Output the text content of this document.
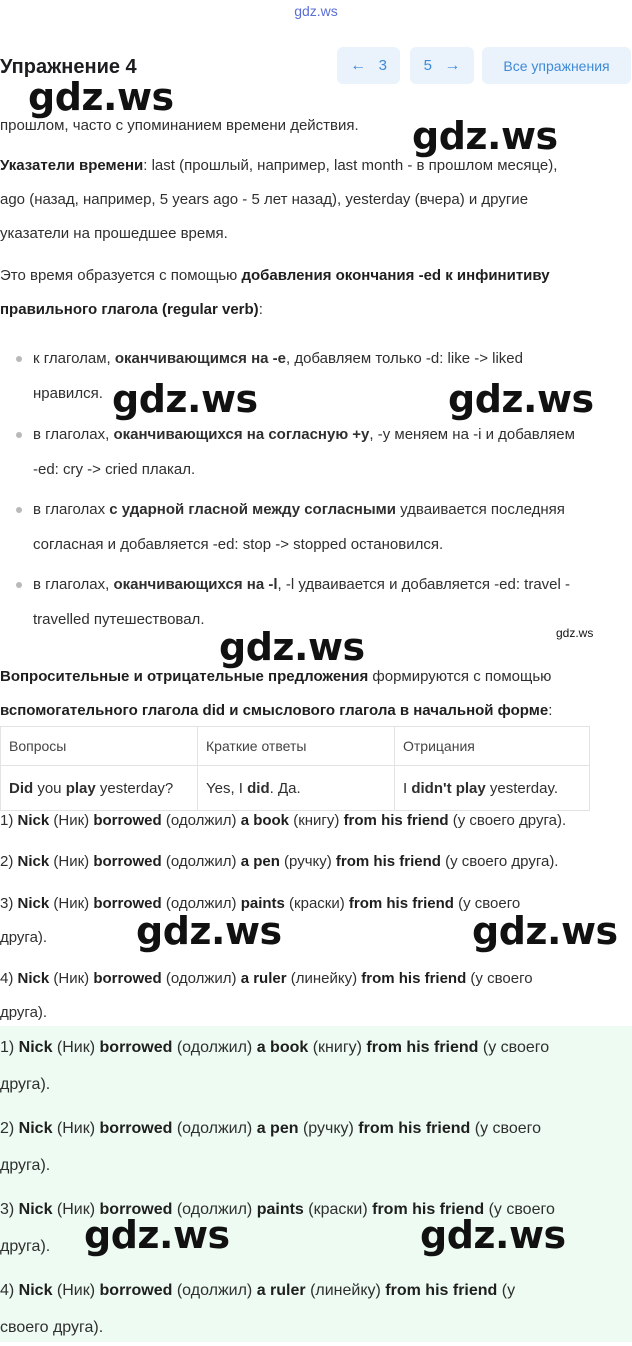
gdz.ws
Упражнение 4	←
3 5
→	Все упражнения
прошлом, часто с упоминанием времени действия.
Указатели времени: last (прошлый, например, last month - в прошлом месяце),
ago (назад, например, 5 years ago - 5 лет назад), yesterday (вчера) и другие
указатели на прошедшее время.
Это время образуется с помощью добавления окончания -ed к инфинитиву
правильного глагола (regular verb):
к глаголам, оканчивающимся на -e, добавляем только -d: like -> liked
нравился.
в глаголах, оканчивающихся на согласную +y, -y меняем на -i и добавляем
-ed: cry -> cried плакал.
в глаголах с ударной гласной между согласными удваивается последняя
согласная и добавляется -ed: stop -> stopped остановился.
в глаголах, оканчивающихся на -l, -l удваивается и добавляется -ed: travel -
travelled путешествовал.
Вопросительные и отрицательные предложения формируются с помощью
вспомогательного глагола did и смыслового глагола в начальной форме:
Вопросы	Краткие ответы	Отрицания
Did you play yesterday?	Yes, I did. Да.	I didn't play yesterday.
1) Nick (Ник) borrowed (одолжил) a book (книгу) from his friend (у своего друга).
2) Nick (Ник) borrowed (одолжил) a pen (ручку) from his friend (у своего друга).
3) Nick (Ник) borrowed (одолжил) paints (краски) from his friend (у своего
друга).
4) Nick (Ник) borrowed (одолжил) a ruler (линейку) from his friend (у своего
друга).
1) Nick (Ник) borrowed (одолжил) a book (книгу) from his friend (у своего
друга).
2) Nick (Ник) borrowed (одолжил) a pen (ручку) from his friend (у своего
друга).
3) Nick (Ник) borrowed (одолжил) paints (краски) from his friend (у своего
друга).
4) Nick (Ник) borrowed (одолжил) a ruler (линейку) from his friend (у
своего друга).
gdz.ws
gdz.ws
gdz.ws	gdz.ws
gdz.ws	gdz.ws
gdz.ws	gdz.ws
gdz.ws	gdz.ws
